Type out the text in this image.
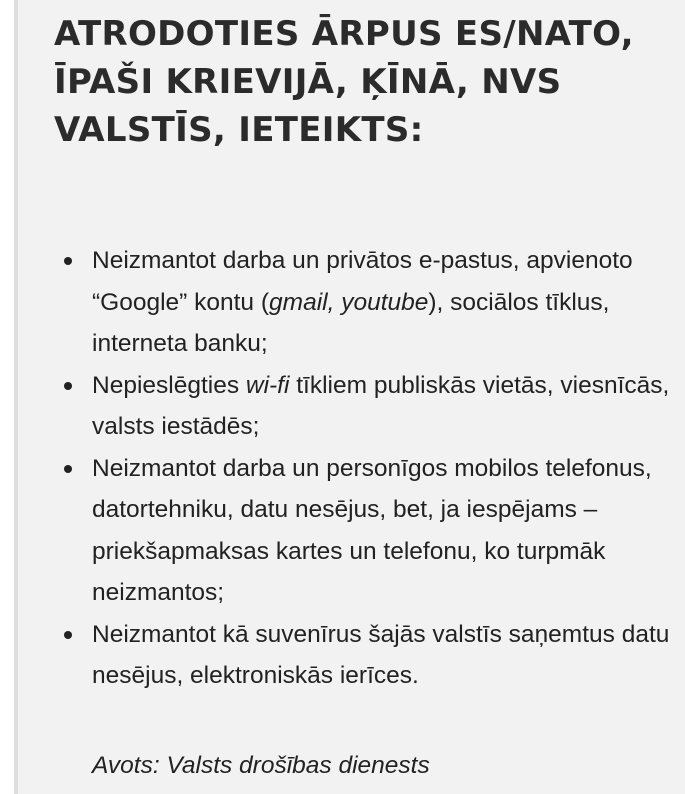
ATRODOTIES ĀRPUS ES/NATO, ĪPAŠI KRIEVIJĀ, ĶĪNĀ, NVS VALSTĪS, IETEIKTS:
Neizmantot darba un privātos e-pastus, apvienoto “Google” kontu (gmail, youtube), sociālos tīklus, interneta banku;
Nepieslēgties wi-fi tīkliem publiskās vietās, viesnīcās, valsts iestādēs;
Neizmantot darba un personīgos mobilos telefonus, datortehniku, datu nesējus, bet, ja iespējams – priekšapmaksas kartes un telefonu, ko turpmāk neizmantos;
Neizmantot kā suvenīrus šajās valstīs saņemtus datu nesējus, elektroniskās ierīces.

Avots: Valsts drošības dienests
